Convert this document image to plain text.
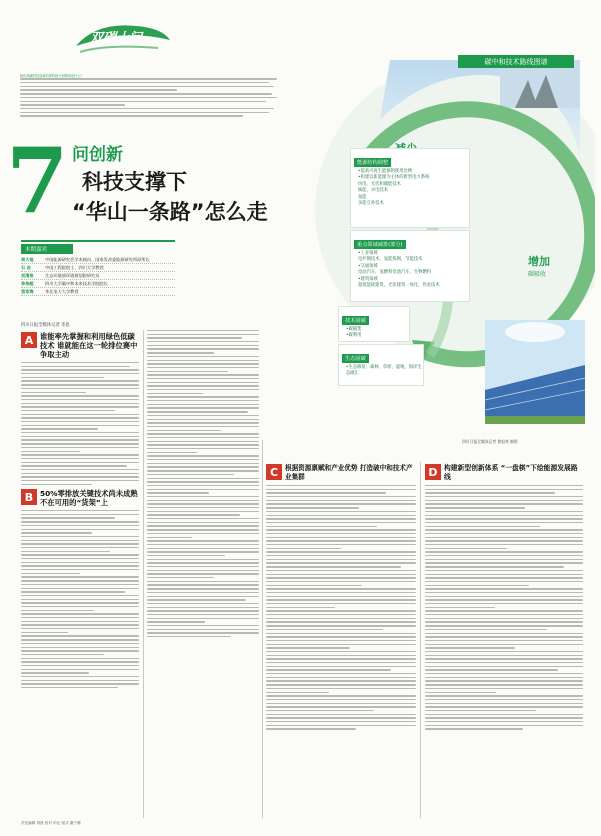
双碳十问
绿色低碳科技创新的现阶段计划路线是什么？
7 问创新
科技支撑下
“华山一条路”怎么走
本期嘉宾
周大地	中国能源研究会学术顾问、国家发改委能源研究所原所长
石 岩	中国工程院院士、四川大学教授
刘清泉	生态环境部环境规划院研究员
李伟超	四川大学碳中和未来技术学院院长
袁家海	华北电力大学教授
四川日报全媒体记者 李思
A 谁能率先掌握和利用绿色低碳技术 谁就能在这一轮排位赛中争取主动
B 50%零排放关键技术尚未成熟 不在可用的“货架”上
C	根据资源禀赋和产业优势 打造破中和技术产业集群	D 构建新型创新体系 “一盘棋”下绘能源发展路线
增加
碳吸收
碳中和技术路线图谱
能源结构调整
•提高可再生能源的使用比例
•构建以新能源为主体的新型电力系统
风电、光伏和储能技术
核能、水电技术
氢能
多能互补技术
重点领域减排(部分)
•工业领域
电炉钢技术，氢能炼钢，节能技术
•交通领域
电动汽车，氢燃料电池汽车，生物燃料
•建筑领域
超低能耗建筑，光伏建筑一体化，热泵技术
技术固碳
•碳捕集
•碳利用
生态固碳
•生态修复：森林、草原、湿地、海洋生态碳汇
四川日报全媒体记者 徐祖欢 制图
责任编辑 刘凯 校对 申正 版式 谢宁珊
